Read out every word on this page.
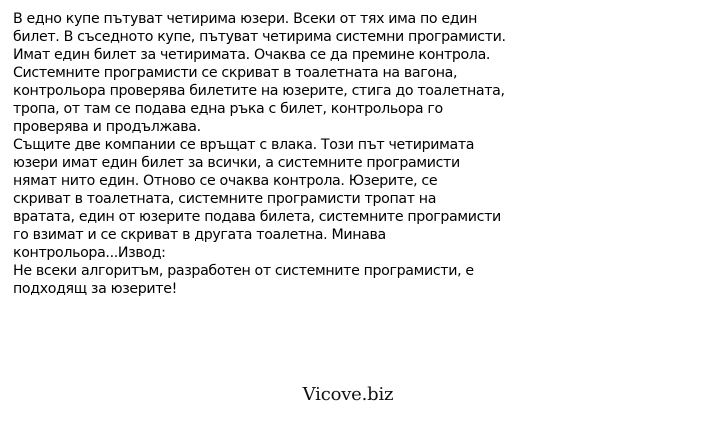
В едно купе пътуват четирима юзери. Всеки от тях има по един
билет. В съседното купе, пътуват четирима системни програмисти.
Имат един билет за четиримата. Очаква се да премине контрола.
Системните програмисти се скриват в тоалетната на вагона,
контрольора проверява билетите на юзерите, стига до тоалетната,
тропа, от там се подава една ръка с билет, контрольора го
проверява и продължава.
Същите две компании се връщат с влака. Този път четиримата
юзери имат един билет за всички, а системните програмисти
нямат нито един. Отново се очаква контрола. Юзерите, се
скриват в тоалетната, системните програмисти тропат на
вратата, един от юзерите подава билета, системните програмисти
го взимат и се скриват в другата тоалетна. Минава
контрольора...Извод:
Не всеки алгоритъм, разработен от системните програмисти, е
подходящ за юзерите!
Vicove.biz
